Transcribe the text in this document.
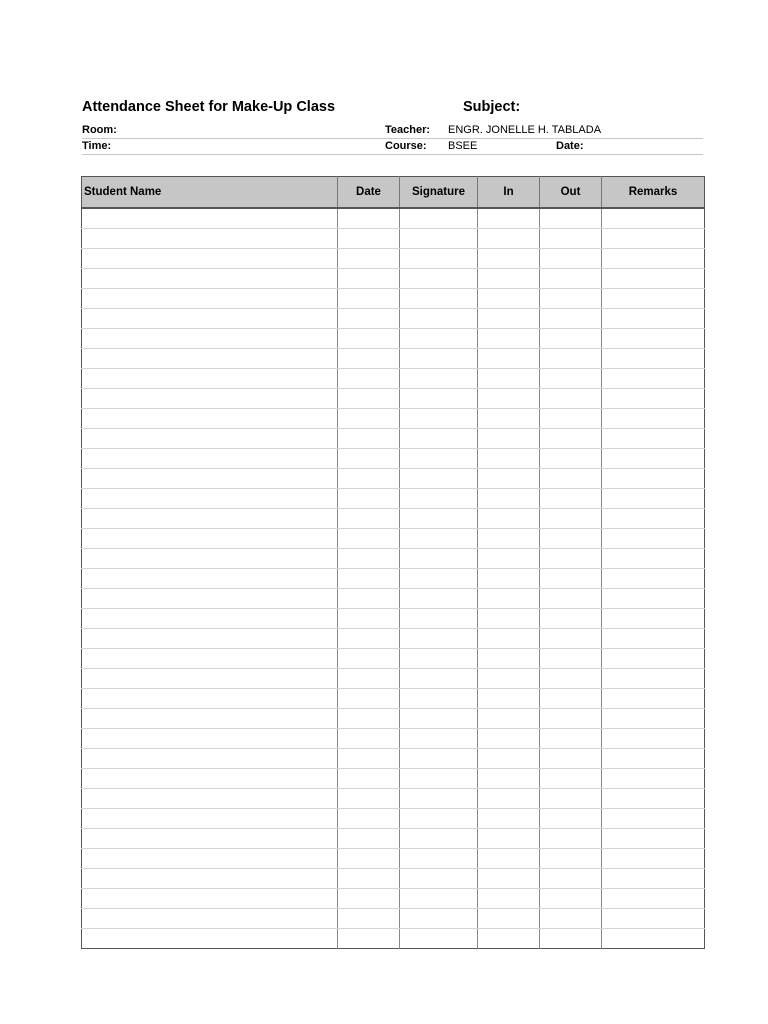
Attendance Sheet for Make-Up Class	Subject:
Room:	Teacher: ENGR. JONELLE H. TABLADA
Time:	Course: BSEE	Date:
Student Name	Date	Signature	In	Out	Remarks
